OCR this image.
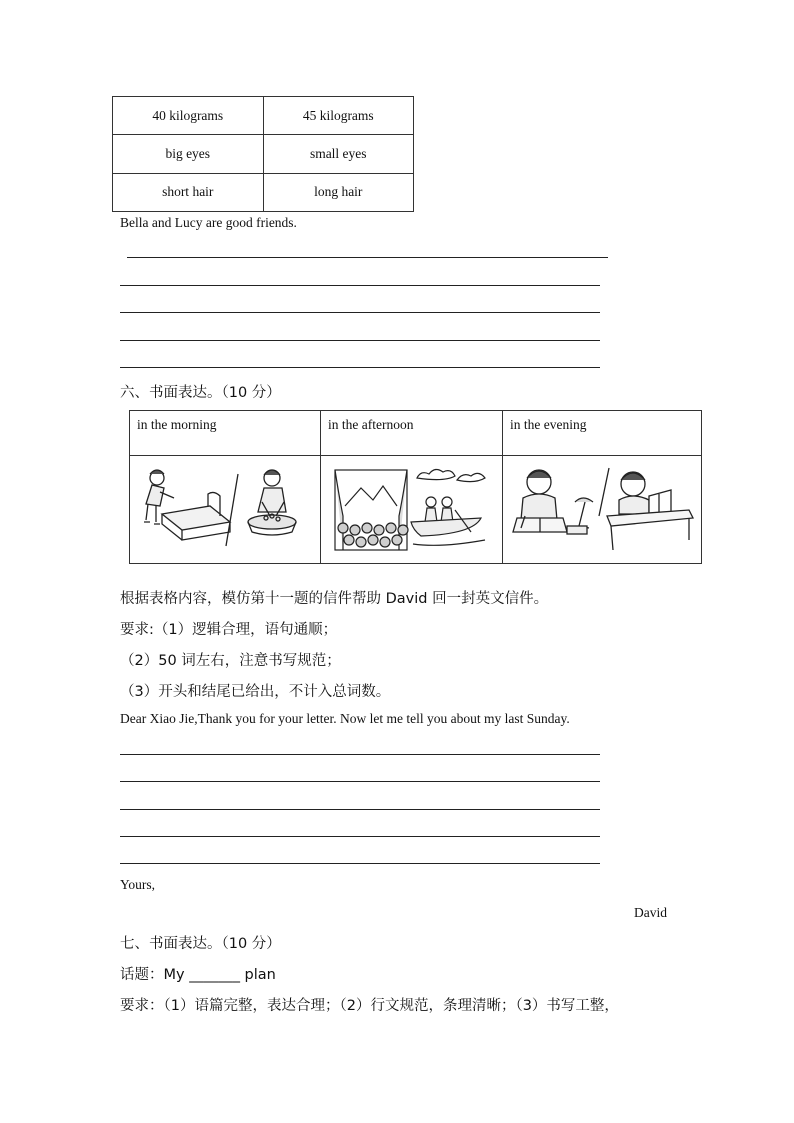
40 kilograms	45 kilograms
big eyes	small eyes
short hair	long hair
Bella and Lucy are good friends.
六、书面表达。（10 分）
in the morning	in the afternoon	in the evening

根据表格内容，模仿第十一题的信件帮助 David 回一封英文信件。
要求:（1）逻辑合理，语句通顺；
（2）50 词左右，注意书写规范；
（3）开头和结尾已给出，不计入总词数。
Dear Xiao Jie,Thank you for your letter. Now let me tell you about my last Sunday.
Yours,
David
七、书面表达。（10 分）
话题：My _______ plan
要求：（1）语篇完整，表达合理；（2）行文规范，条理清晰；（3）书写工整，
